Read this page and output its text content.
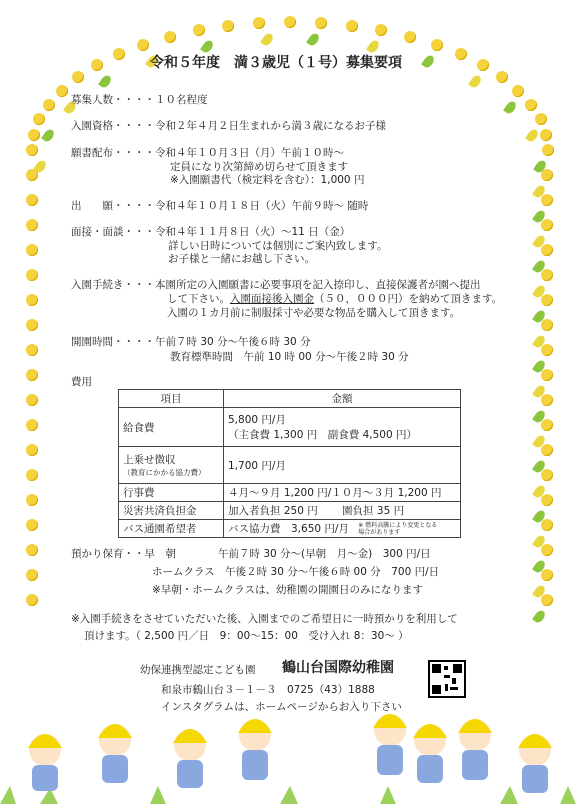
令和５年度　満３歳児（１号）募集要項
募集人数・・・・１０名程度
入園資格・・・・令和２年４月２日生まれから満３歳になるお子様
願書配布・・・・令和４年１０月３日（月）午前１０時～
定員になり次第締め切らせて頂きます
※入園願書代（検定料を含む）：1,000 円
出　　願・・・・令和４年１０月１８日（火）午前９時～ 随時
面接・面談・・・令和４年１１月８日（火）～11 日（金）
詳しい日時については個別にご案内致します。
お子様と一緒にお越し下さい。
入園手続き・・・本園所定の入園願書に必要事項を記入捺印し、直接保護者が園へ提出
して下さい。入園面接後入園金（５０，０００円）を納めて頂きます。
入園の１カ月前に制服採寸や必要な物品を購入して頂きます。
開園時間・・・・午前７時 30 分～午後６時 30 分
教育標準時間　午前 10 時 00 分～午後２時 30 分
費用
項目	金額
給食費	5,800 円/月
（主食費 1,300 円　副食費 4,500 円）

上乗せ徴収
（教育にかかる協力費）	1,700 円/月
行事費	４月～９月 1,200 円/１０月～３月 1,200 円
災害共済負担金	加入者負担 250 円　　 園負担 35 円
バス通園希望者	バス協力費　3,650 円/月 ※ 燃料高騰により変更となる
場合があります
預かり保育・・早　朝　　　　午前７時 30 分～(早朝　月～金)　300 円/日
ホームクラス　午後２時 30 分～午後６時 00 分　700 円/日
※早朝・ホームクラスは、幼稚園の開園日のみになります
※入園手続きをさせていただいた後、入園までのご希望日に一時預かりを利用して
頂けます。（ 2,500 円／日　9：00～15：00　受け入れ 8：30～ ）
幼保連携型認定こども園 鶴山台国際幼稚園
和泉市鶴山台３－１－３　0725（43）1888
インスタグラムは、ホームページからお入り下さい
